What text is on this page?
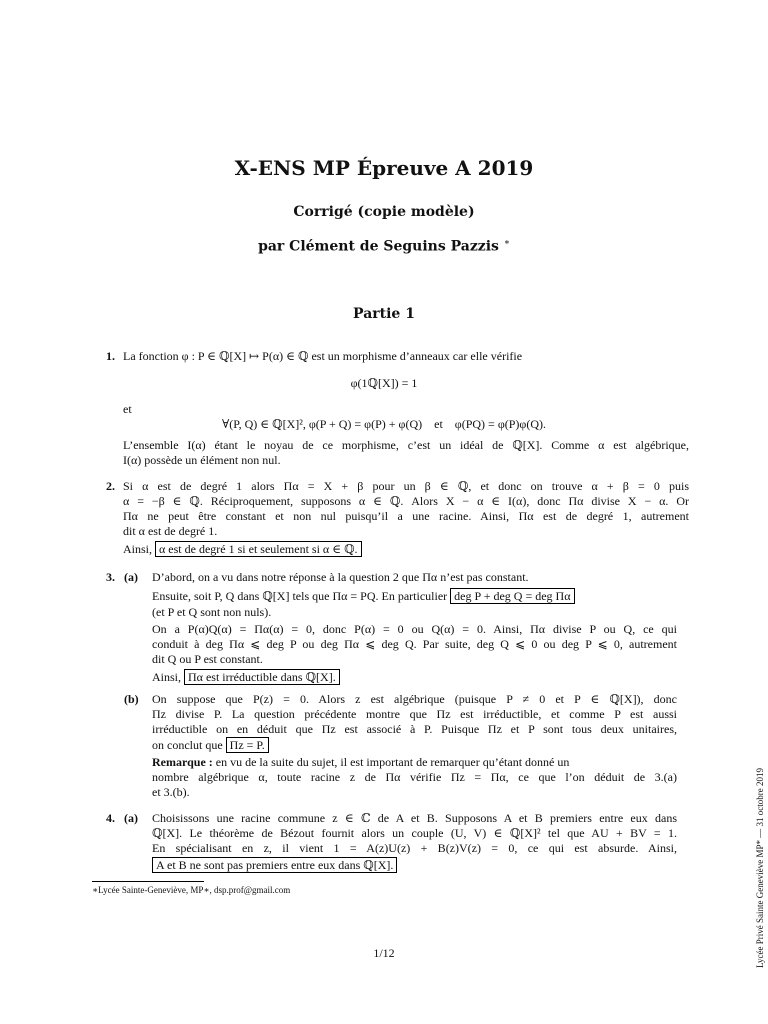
X-ENS MP Épreuve A 2019
Corrigé (copie modèle)
par Clément de Seguins Pazzis ∗
Partie 1
1. La fonction φ : P ∈ ℚ[X] ↦ P(α) ∈ ℚ est un morphisme d’anneaux car elle vérifie
φ(1ℚ[X]) = 1
et
∀(P, Q) ∈ ℚ[X]², φ(P + Q) = φ(P) + φ(Q)    et    φ(PQ) = φ(P)φ(Q).
L’ensemble I(α) étant le noyau de ce morphisme, c’est un idéal de ℚ[X]. Comme α est algébrique,
I(α) possède un élément non nul.
2. Si α est de degré 1 alors Πα = X + β pour un β ∈ ℚ, et donc on trouve α + β = 0 puis
α = −β ∈ ℚ. Réciproquement, supposons α ∈ ℚ. Alors X − α ∈ I(α), donc Πα divise X − α. Or
Πα ne peut être constant et non nul puisqu’il a une racine. Ainsi, Πα est de degré 1, autrement
dit α est de degré 1.
Ainsi, α est de degré 1 si et seulement si α ∈ ℚ.
3. (a) D’abord, on a vu dans notre réponse à la question 2 que Πα n’est pas constant.
Ensuite, soit P, Q dans ℚ[X] tels que Πα = PQ. En particulier deg P + deg Q = deg Πα
(et P et Q sont non nuls).
On a P(α)Q(α) = Πα(α) = 0, donc P(α) = 0 ou Q(α) = 0. Ainsi, Πα divise P ou Q, ce qui
conduit à deg Πα ⩽ deg P ou deg Πα ⩽ deg Q. Par suite, deg Q ⩽ 0 ou deg P ⩽ 0, autrement
dit Q ou P est constant.
Ainsi, Πα est irréductible dans ℚ[X].
(b) On suppose que P(z) = 0. Alors z est algébrique (puisque P ≠ 0 et P ∈ ℚ[X]), donc
Πz divise P. La question précédente montre que Πz est irréductible, et comme P est aussi
irréductible on en déduit que Πz est associé à P. Puisque Πz et P sont tous deux unitaires,
on conclut que Πz = P.
Remarque : en vu de la suite du sujet, il est important de remarquer qu’étant donné un
nombre algébrique α, toute racine z de Πα vérifie Πz = Πα, ce que l’on déduit de 3.(a)
et 3.(b).
4. (a) Choisissons une racine commune z ∈ ℂ de A et B. Supposons A et B premiers entre eux dans
ℚ[X]. Le théorème de Bézout fournit alors un couple (U, V) ∈ ℚ[X]² tel que AU + BV = 1.
En spécialisant en z, il vient 1 = A(z)U(z) + B(z)V(z) = 0, ce qui est absurde. Ainsi,
A et B ne sont pas premiers entre eux dans ℚ[X].
∗Lycée Sainte-Geneviève, MP∗, dsp.prof@gmail.com
1/12	Lycée Privé Sainte Geneviève MP* — 31 octobre 2019
